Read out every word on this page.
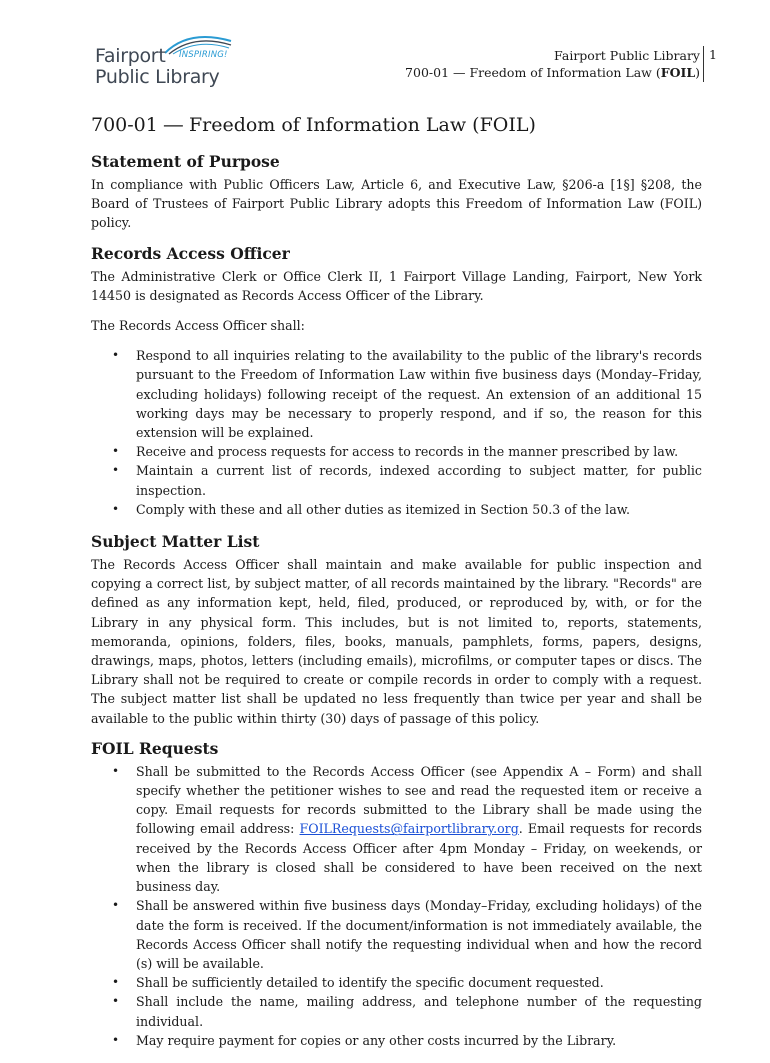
Fairport INSPIRING!
Public Library
Fairport Public Library
700-01 — Freedom of Information Law (FOIL)
1
700-01 ― Freedom of Information Law (FOIL)
Statement of Purpose

In compliance with Public Officers Law, Article 6, and Executive Law, §206-a [1§] §208, the Board of Trustees of Fairport Public Library adopts this Freedom of Information Law (FOIL) policy.

Records Access Officer

The Administrative Clerk or Office Clerk II, 1 Fairport Village Landing, Fairport, New York 14450 is designated as Records Access Officer of the Library.

The Records Access Officer shall:

• Respond to all inquiries relating to the availability to the public of the library's records pursuant to the Freedom of Information Law within five business days (Monday–Friday, excluding holidays) following receipt of the request. An extension of an additional 15 working days may be necessary to properly respond, and if so, the reason for this extension will be explained.
• Receive and process requests for access to records in the manner prescribed by law.
• Maintain a current list of records, indexed according to subject matter, for public inspection.
• Comply with these and all other duties as itemized in Section 50.3 of the law.
Subject Matter List

The Records Access Officer shall maintain and make available for public inspection and copying a correct list, by subject matter, of all records maintained by the library. "Records" are defined as any information kept, held, filed, produced, or reproduced by, with, or for the Library in any physical form. This includes, but is not limited to, reports, statements, memoranda, opinions, folders, files, books, manuals, pamphlets, forms, papers, designs, drawings, maps, photos, letters (including emails), microfilms, or computer tapes or discs. The Library shall not be required to create or compile records in order to comply with a request. The subject matter list shall be updated no less frequently than twice per year and shall be available to the public within thirty (30) days of passage of this policy.

FOIL Requests
• Shall be submitted to the Records Access Officer (see Appendix A – Form) and shall specify whether the petitioner wishes to see and read the requested item or receive a copy. Email requests for records submitted to the Library shall be made using the following email address: FOILRequests@fairportlibrary.org. Email requests for records received by the Records Access Officer after 4pm Monday – Friday, on weekends, or when the library is closed shall be considered to have been received on the next business day.
• Shall be answered within five business days (Monday–Friday, excluding holidays) of the date the form is received. If the document/information is not immediately available, the Records Access Officer shall notify the requesting individual when and how the record (s) will be available.
• Shall be sufficiently detailed to identify the specific document requested.
• Shall include the name, mailing address, and telephone number of the requesting individual.
• May require payment for copies or any other costs incurred by the Library.
